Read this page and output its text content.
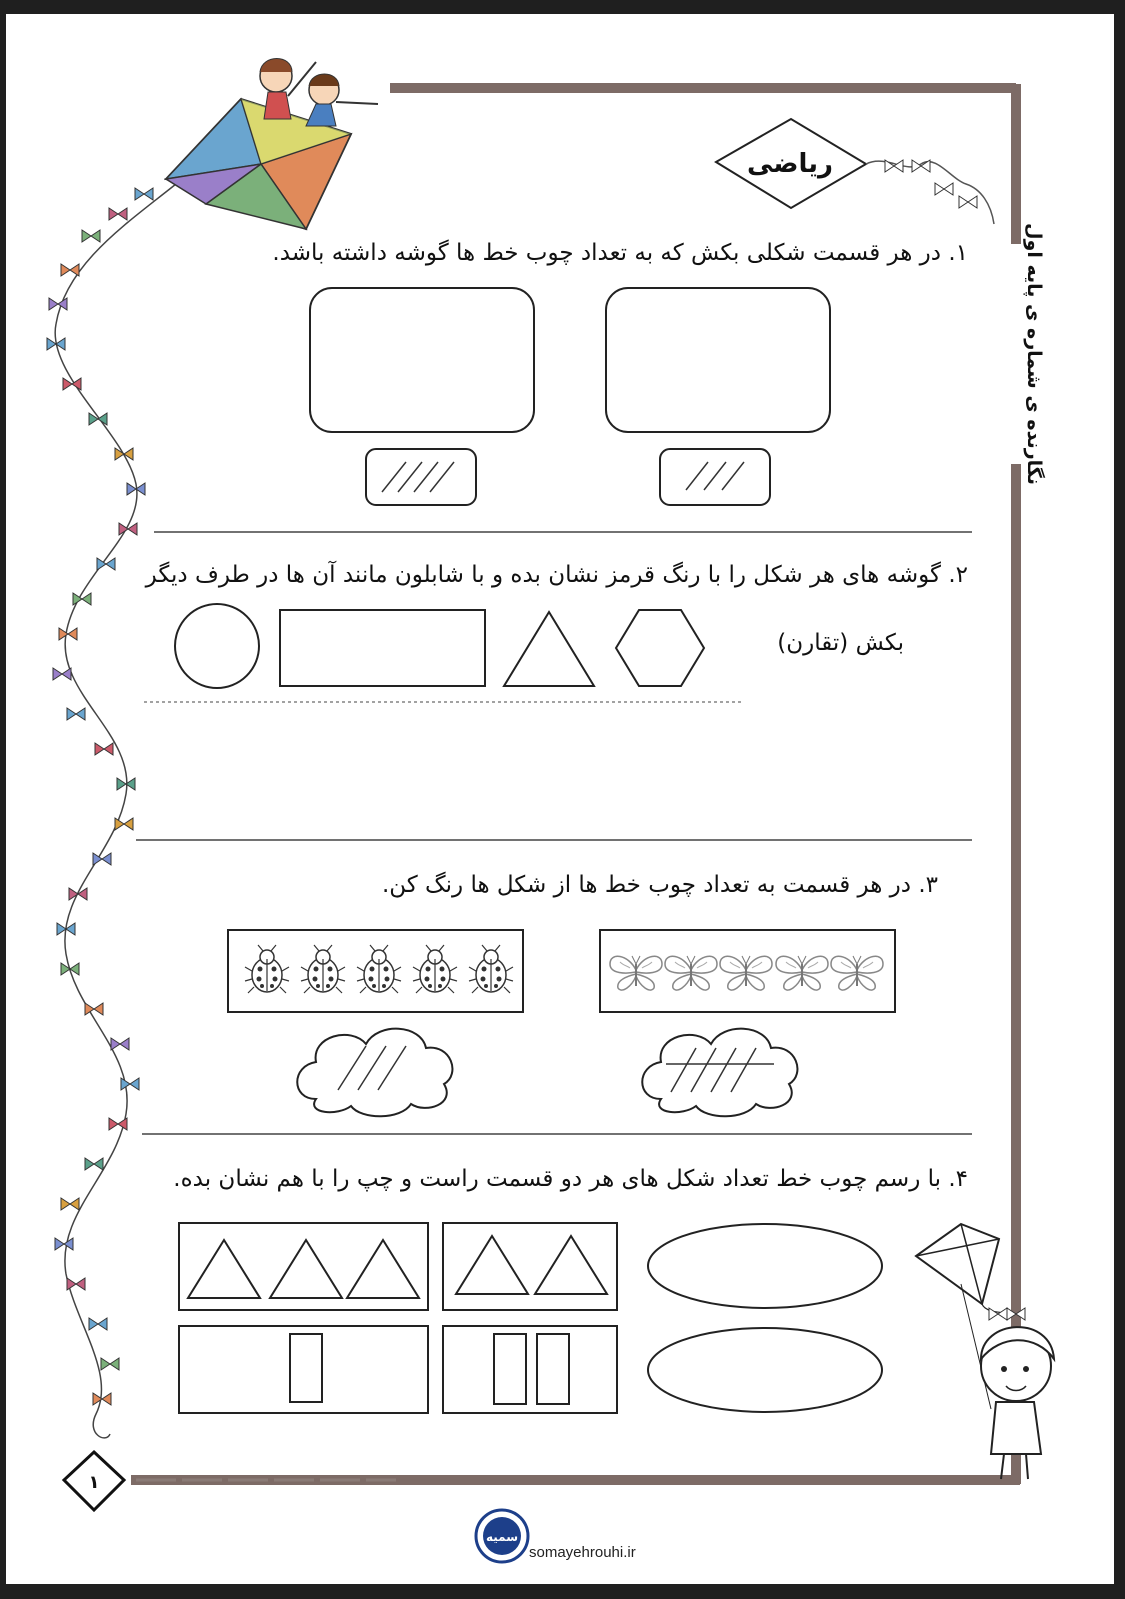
ریاضی
نگارنده‌ ی شماره‌ ی پایه‌ اول
۱
سمیه
۱. در هر قسمت شکلی بکش که به تعداد چوب خط ها گوشه داشته باشد.
۲. گوشه های هر شکل را با رنگ قرمز نشان بده و با شابلون مانند آن ها در طرف دیگر
بکش (تقارن)
۳. در هر قسمت به تعداد چوب خط ها از شکل ها رنگ کن.
۴. با رسم چوب خط تعداد شکل های هر دو قسمت راست و چپ را با هم نشان بده.
somayehrouhi.ir
